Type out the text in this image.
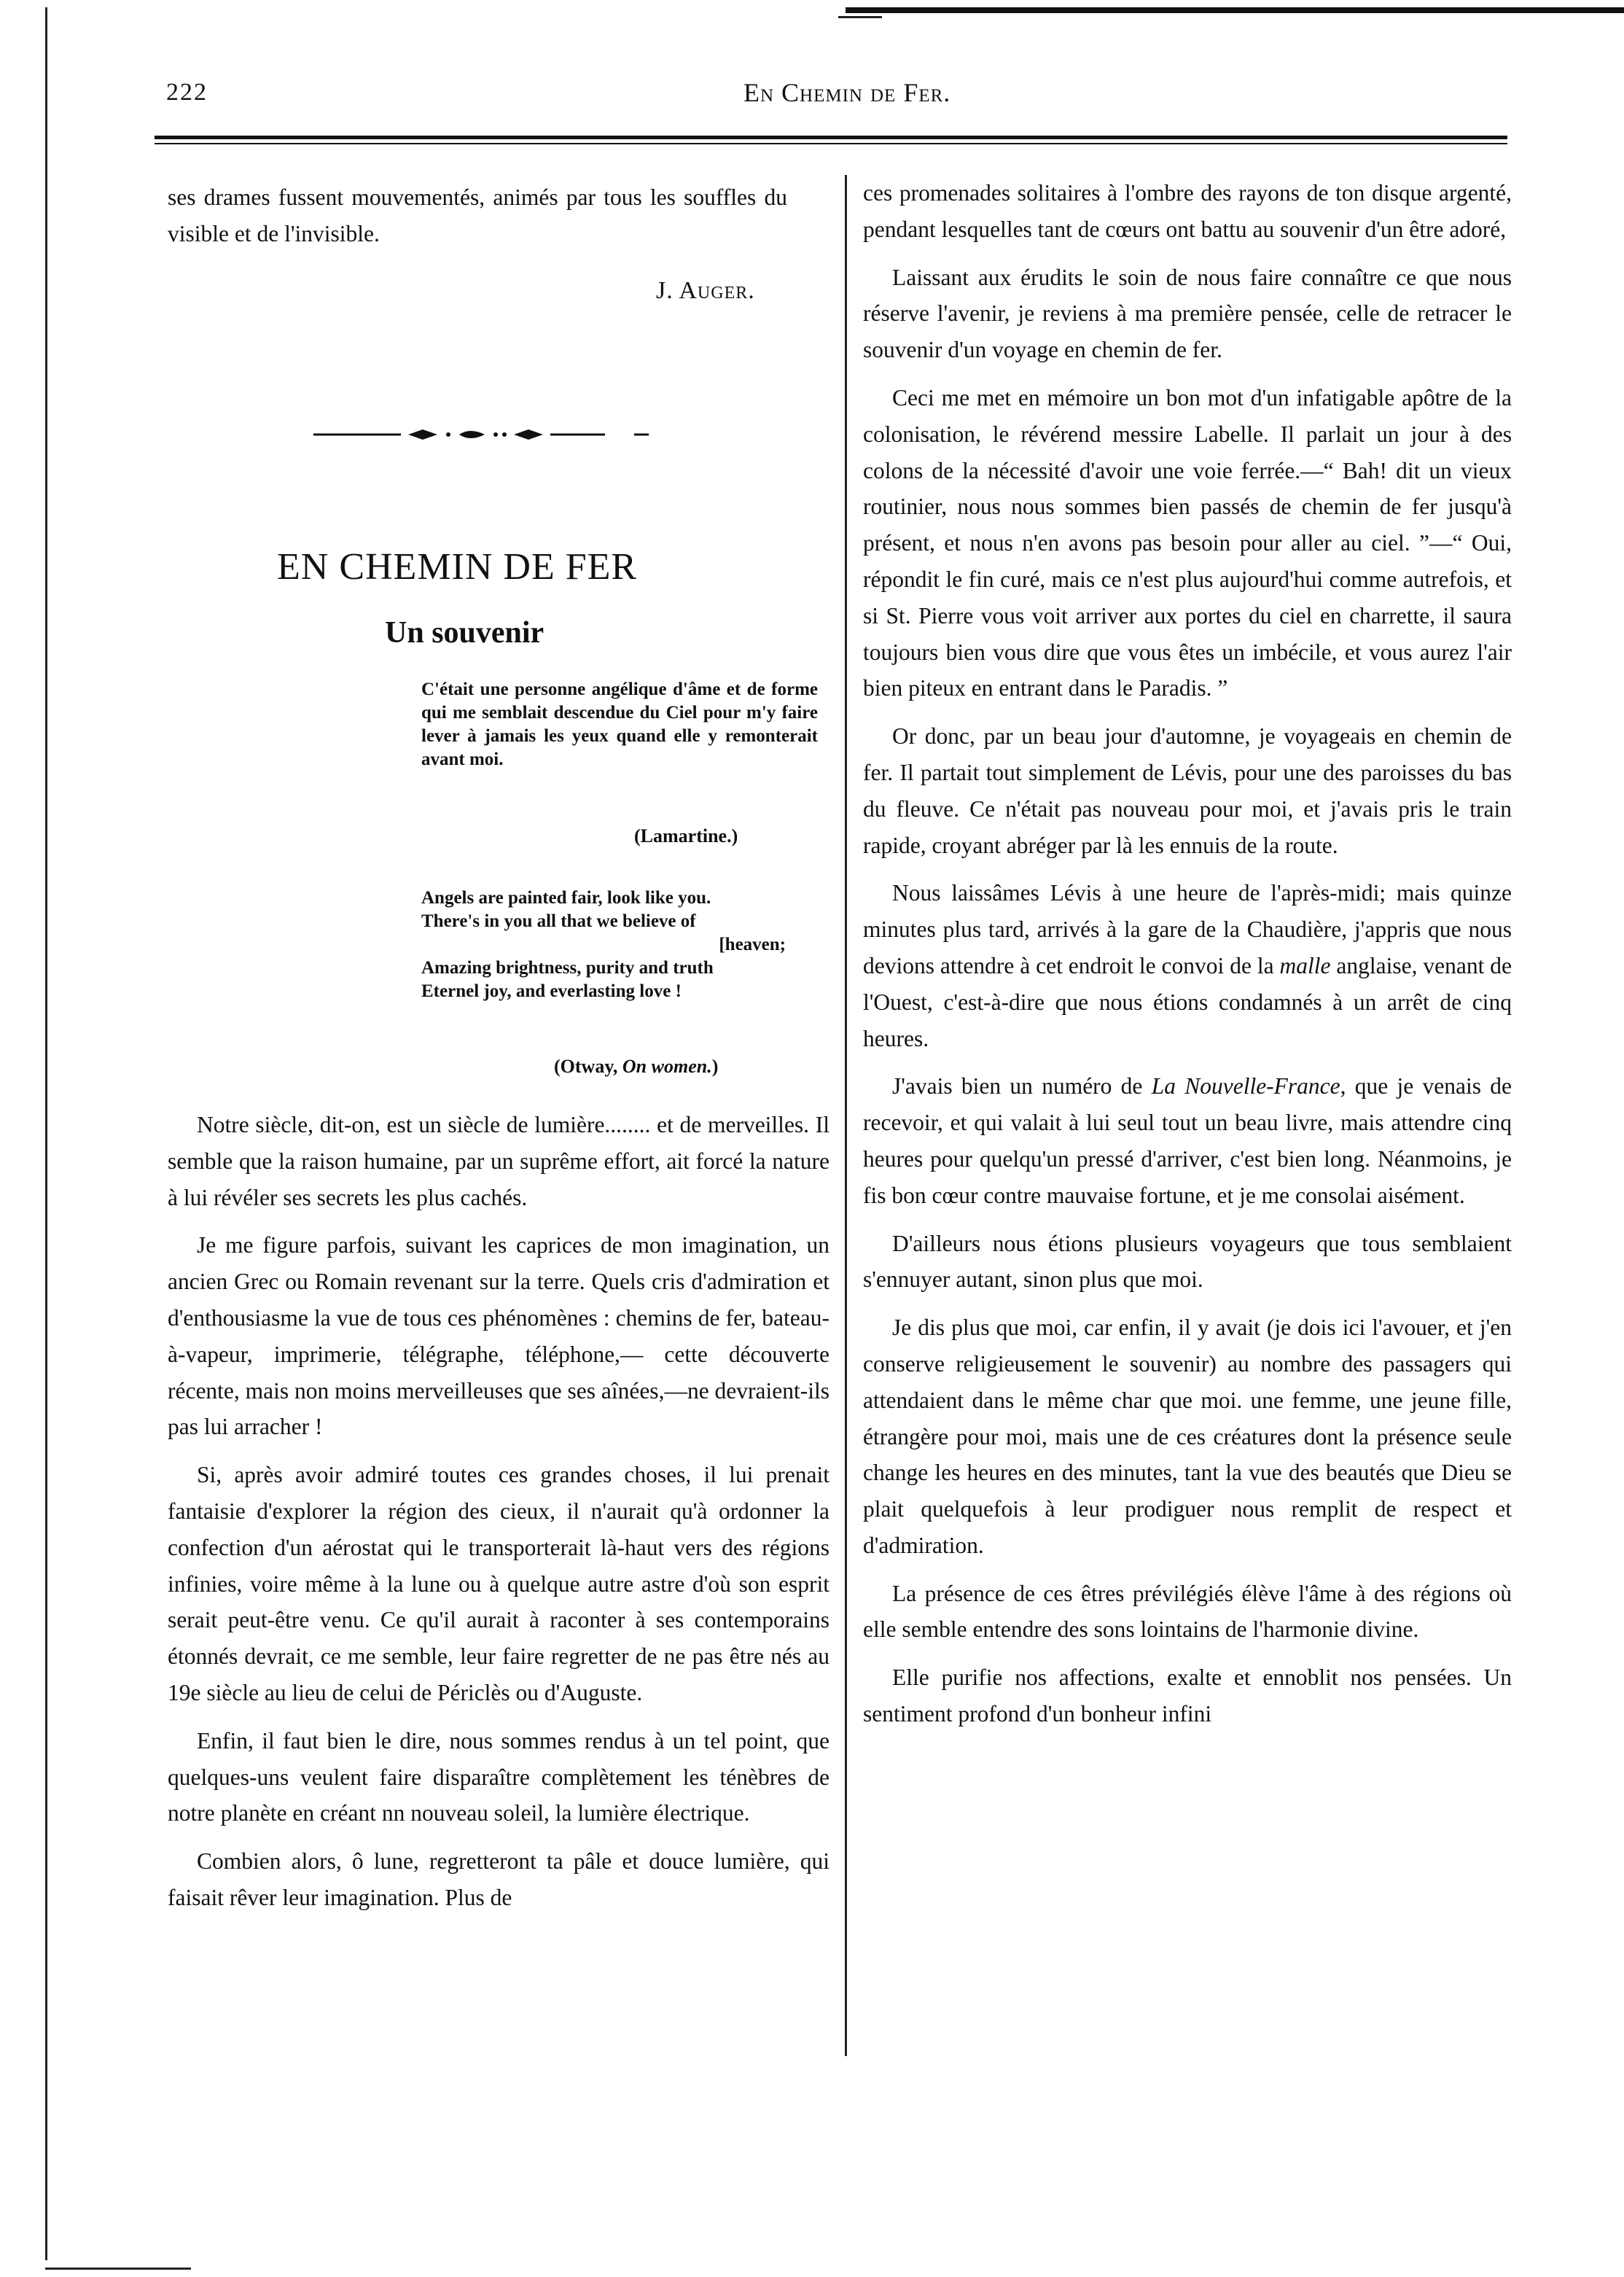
222	En Chemin de Fer.

ses drames fussent mouvementés, animés par tous les souffles du visible et de l'invisible.

J. Auger.
EN CHEMIN DE FER
Un souvenir
C'était une personne angélique d'âme et de forme qui me semblait descendue du Ciel pour m'y faire lever à jamais les yeux quand elle y remonterait avant moi.
(Lamartine.)
Angels are painted fair, look like you.
There's in you all that we believe of
[heaven;
Amazing brightness, purity and truth
Eternel joy, and everlasting love !
(Otway, On women.)

Notre siècle, dit-on, est un siècle de lumière........ et de merveilles. Il semble que la raison humaine, par un suprême effort, ait forcé la nature à lui révéler ses secrets les plus cachés.

Je me figure parfois, suivant les caprices de mon imagination, un ancien Grec ou Romain revenant sur la terre. Quels cris d'admiration et d'enthousiasme la vue de tous ces phénomènes : chemins de fer, bateau-à-vapeur, imprimerie, télégraphe, téléphone,— cette découverte récente, mais non moins merveilleuses que ses aînées,—ne devraient-ils pas lui arracher !

Si, après avoir admiré toutes ces grandes choses, il lui prenait fantaisie d'explorer la région des cieux, il n'aurait qu'à ordonner la confection d'un aérostat qui le transporterait là-haut vers des régions infinies, voire même à la lune ou à quelque autre astre d'où son esprit serait peut-être venu. Ce qu'il aurait à raconter à ses contemporains étonnés devrait, ce me semble, leur faire regretter de ne pas être nés au 19e siècle au lieu de celui de Périclès ou d'Auguste.

Enfin, il faut bien le dire, nous sommes rendus à un tel point, que quelques-uns veulent faire disparaître complètement les ténèbres de notre planète en créant nn nouveau soleil, la lumière électrique.

Combien alors, ô lune, regretteront ta pâle et douce lumière, qui faisait rêver leur imagination. Plus de

ces promenades solitaires à l'ombre des rayons de ton disque argenté, pendant lesquelles tant de cœurs ont battu au souvenir d'un être adoré,

Laissant aux érudits le soin de nous faire connaître ce que nous réserve l'avenir, je reviens à ma première pensée, celle de retracer le souvenir d'un voyage en chemin de fer.

Ceci me met en mémoire un bon mot d'un infatigable apôtre de la colonisation, le révérend messire Labelle. Il parlait un jour à des colons de la nécessité d'avoir une voie ferrée.—“ Bah! dit un vieux routinier, nous nous sommes bien passés de chemin de fer jusqu'à présent, et nous n'en avons pas besoin pour aller au ciel. ”—“ Oui, répondit le fin curé, mais ce n'est plus aujourd'hui comme autrefois, et si St. Pierre vous voit arriver aux portes du ciel en charrette, il saura toujours bien vous dire que vous êtes un imbécile, et vous aurez l'air bien piteux en entrant dans le Paradis. ”

Or donc, par un beau jour d'automne, je voyageais en chemin de fer. Il partait tout simplement de Lévis, pour une des paroisses du bas du fleuve. Ce n'était pas nouveau pour moi, et j'avais pris le train rapide, croyant abréger par là les ennuis de la route.

Nous laissâmes Lévis à une heure de l'après-midi; mais quinze minutes plus tard, arrivés à la gare de la Chaudière, j'appris que nous devions attendre à cet endroit le convoi de la malle anglaise, venant de l'Ouest, c'est-à-dire que nous étions condamnés à un arrêt de cinq heures.

J'avais bien un numéro de La Nouvelle-France, que je venais de recevoir, et qui valait à lui seul tout un beau livre, mais attendre cinq heures pour quelqu'un pressé d'arriver, c'est bien long. Néanmoins, je fis bon cœur contre mauvaise fortune, et je me consolai aisément.

D'ailleurs nous étions plusieurs voyageurs que tous semblaient s'ennuyer autant, sinon plus que moi.

Je dis plus que moi, car enfin, il y avait (je dois ici l'avouer, et j'en conserve religieusement le souvenir) au nombre des passagers qui attendaient dans le même char que moi. une femme, une jeune fille, étrangère pour moi, mais une de ces créatures dont la présence seule change les heures en des minutes, tant la vue des beautés que Dieu se plait quelquefois à leur prodiguer nous remplit de respect et d'admiration.

La présence de ces êtres prévilégiés élève l'âme à des régions où elle semble entendre des sons lointains de l'harmonie divine.

Elle purifie nos affections, exalte et ennoblit nos pensées. Un sentiment profond d'un bonheur infini
